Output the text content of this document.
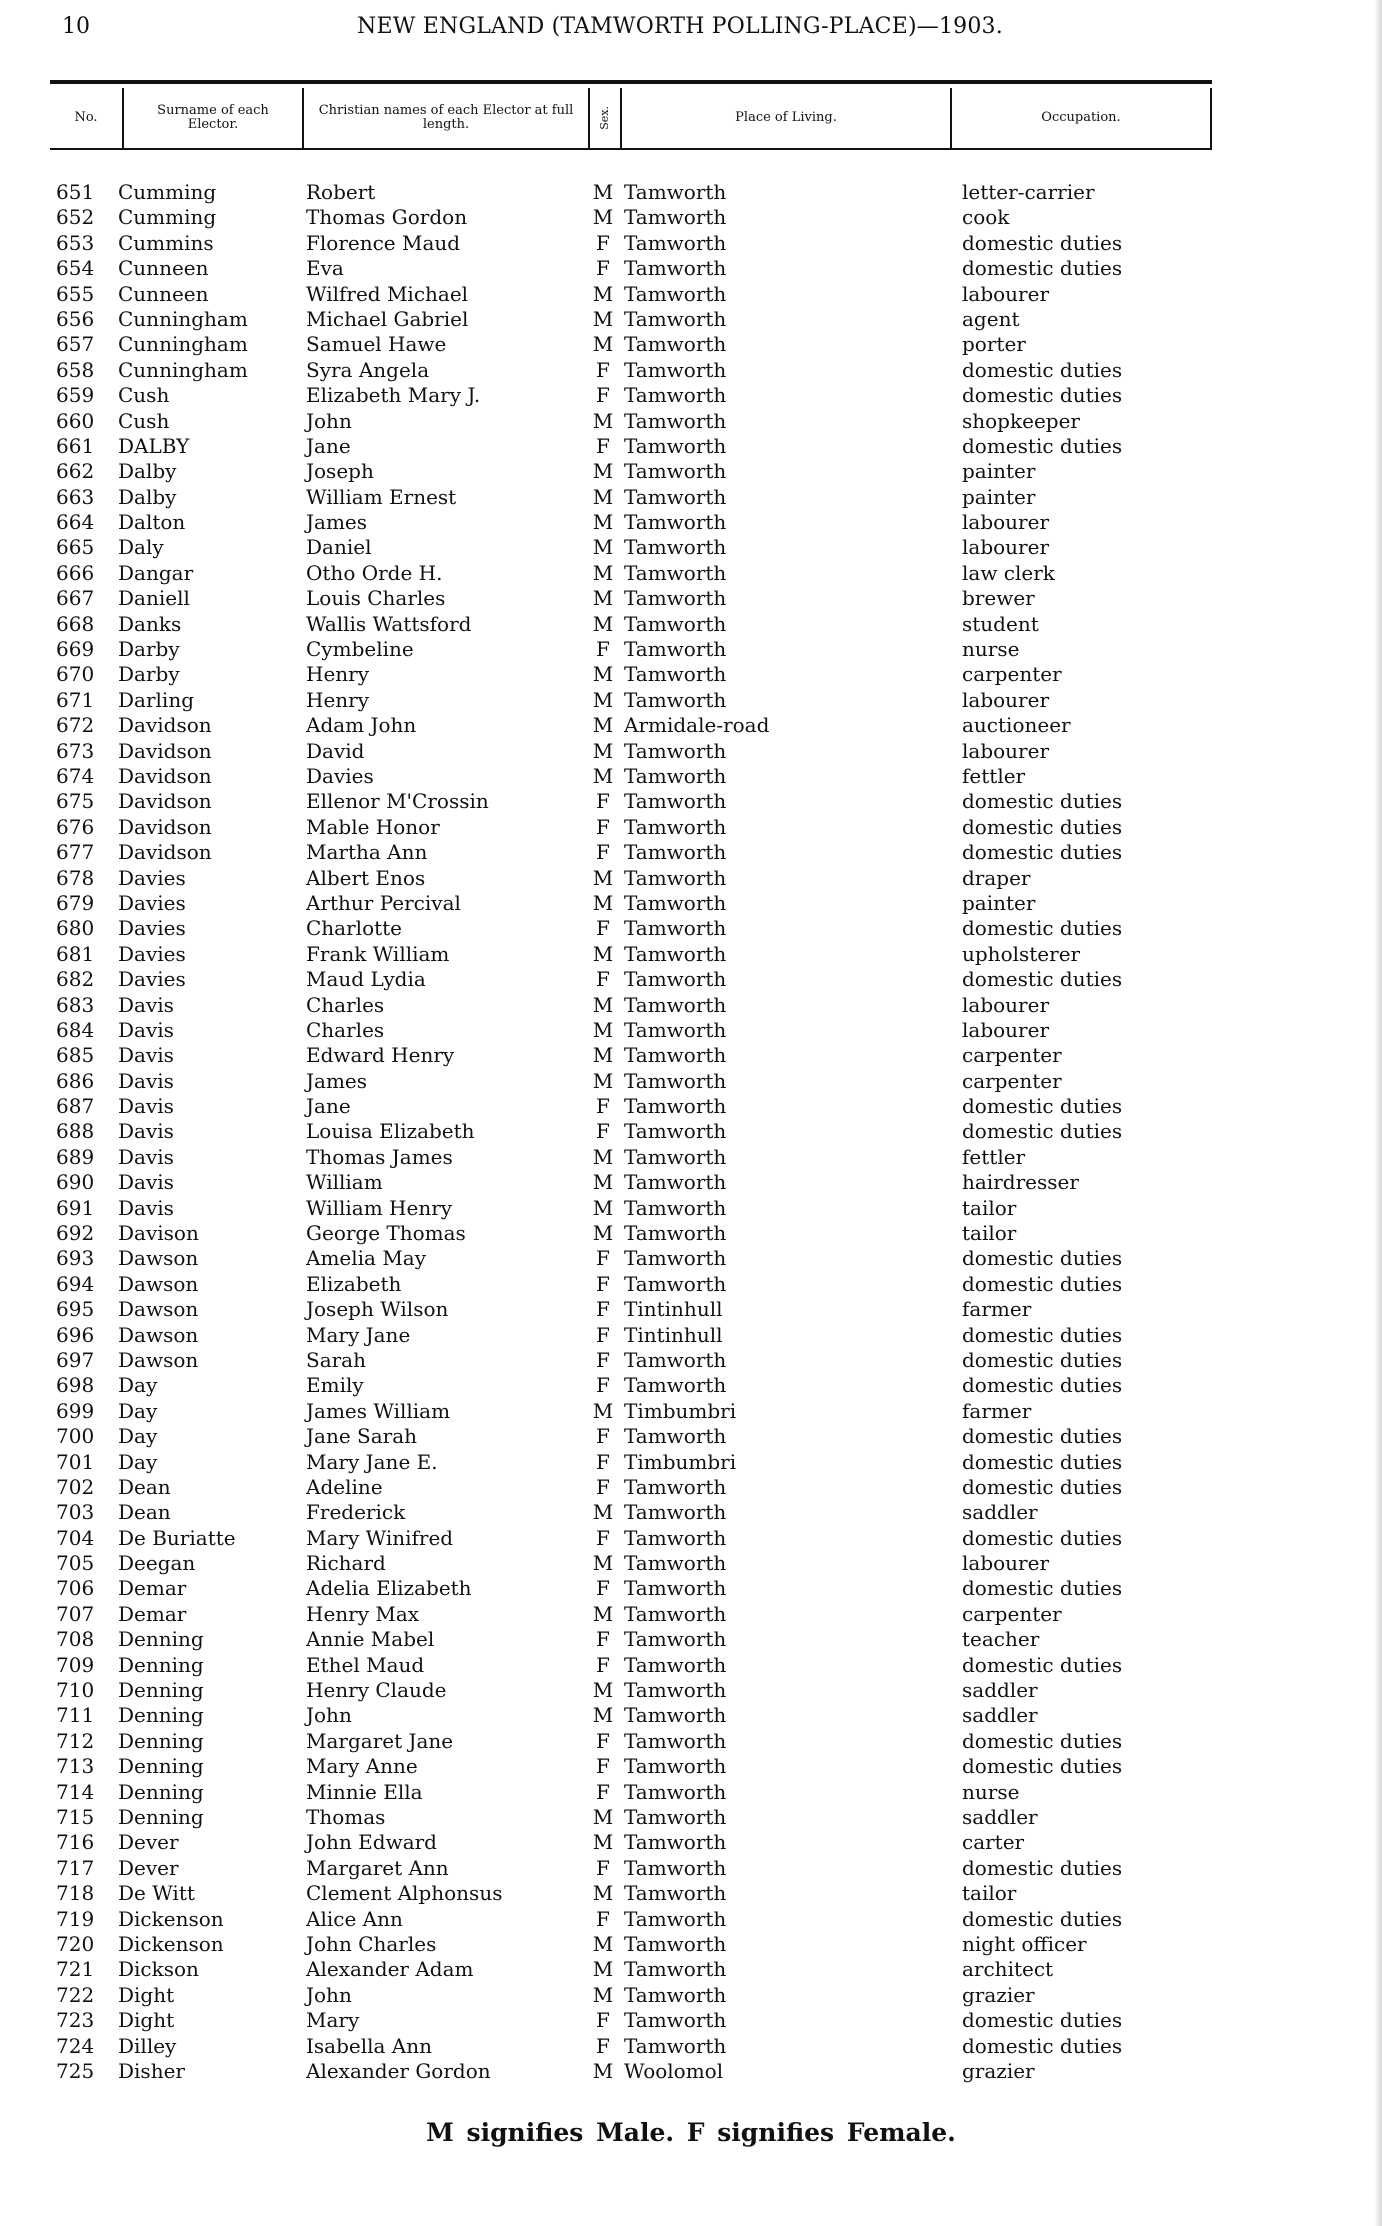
10	NEW ENGLAND (TAMWORTH POLLING-PLACE)—1903.
No.	Surname of each Elector.
Christian names of each Elector at full length.	Sex.	Place of Living.	Occupation.
651	Cumming	Robert	M Tamworth	letter-carrier
652	Cumming	Thomas Gordon	M Tamworth	cook
653	Cummins	Florence Maud	F Tamworth	domestic duties
654	Cunneen	Eva	F Tamworth	domestic duties
655	Cunneen	Wilfred Michael	M Tamworth	labourer
656	Cunningham	Michael Gabriel	M Tamworth	agent
657	Cunningham	Samuel Hawe	M Tamworth	porter
658	Cunningham	Syra Angela	F Tamworth	domestic duties
659	Cush	Elizabeth Mary J.	F Tamworth	domestic duties
660	Cush	John	M Tamworth	shopkeeper
661	DALBY	Jane	F Tamworth	domestic duties
662	Dalby	Joseph	M Tamworth	painter
663	Dalby	William Ernest	M Tamworth	painter
664	Dalton	James	M Tamworth	labourer
665	Daly	Daniel	M Tamworth	labourer
666	Dangar	Otho Orde H.	M Tamworth	law clerk
667	Daniell	Louis Charles	M Tamworth	brewer
668	Danks	Wallis Wattsford	M Tamworth	student
669	Darby	Cymbeline	F Tamworth	nurse
670	Darby	Henry	M Tamworth	carpenter
671	Darling	Henry	M Tamworth	labourer
672	Davidson	Adam John	M Armidale-road	auctioneer
673	Davidson	David	M Tamworth	labourer
674	Davidson	Davies	M Tamworth	fettler
675	Davidson	Ellenor M'Crossin	F Tamworth	domestic duties
676	Davidson	Mable Honor	F Tamworth	domestic duties
677	Davidson	Martha Ann	F Tamworth	domestic duties
678	Davies	Albert Enos	M Tamworth	draper
679	Davies	Arthur Percival	M Tamworth	painter
680	Davies	Charlotte	F Tamworth	domestic duties
681	Davies	Frank William	M Tamworth	upholsterer
682	Davies	Maud Lydia	F Tamworth	domestic duties
683	Davis	Charles	M Tamworth	labourer
684	Davis	Charles	M Tamworth	labourer
685	Davis	Edward Henry	M Tamworth	carpenter
686	Davis	James	M Tamworth	carpenter
687	Davis	Jane	F Tamworth	domestic duties
688	Davis	Louisa Elizabeth	F Tamworth	domestic duties
689	Davis	Thomas James	M Tamworth	fettler
690	Davis	William	M Tamworth	hairdresser
691	Davis	William Henry	M Tamworth	tailor
692	Davison	George Thomas	M Tamworth	tailor
693	Dawson	Amelia May	F Tamworth	domestic duties
694	Dawson	Elizabeth	F Tamworth	domestic duties
695	Dawson	Joseph Wilson	F Tintinhull	farmer
696	Dawson	Mary Jane	F Tintinhull	domestic duties
697	Dawson	Sarah	F Tamworth	domestic duties
698	Day	Emily	F Tamworth	domestic duties
699	Day	James William	M Timbumbri	farmer
700	Day	Jane Sarah	F Tamworth	domestic duties
701	Day	Mary Jane E.	F Timbumbri	domestic duties
702	Dean	Adeline	F Tamworth	domestic duties
703	Dean	Frederick	M Tamworth	saddler
704	De Buriatte	Mary Winifred	F Tamworth	domestic duties
705	Deegan	Richard	M Tamworth	labourer
706	Demar	Adelia Elizabeth	F Tamworth	domestic duties
707	Demar	Henry Max	M Tamworth	carpenter
708	Denning	Annie Mabel	F Tamworth	teacher
709	Denning	Ethel Maud	F Tamworth	domestic duties
710	Denning	Henry Claude	M Tamworth	saddler
711	Denning	John	M Tamworth	saddler
712	Denning	Margaret Jane	F Tamworth	domestic duties
713	Denning	Mary Anne	F Tamworth	domestic duties
714	Denning	Minnie Ella	F Tamworth	nurse
715	Denning	Thomas	M Tamworth	saddler
716	Dever	John Edward	M Tamworth	carter
717	Dever	Margaret Ann	F Tamworth	domestic duties
718	De Witt	Clement Alphonsus	M Tamworth	tailor
719	Dickenson	Alice Ann	F Tamworth	domestic duties
720	Dickenson	John Charles	M Tamworth	night officer
721	Dickson	Alexander Adam	M Tamworth	architect
722	Dight	John	M Tamworth	grazier
723	Dight	Mary	F Tamworth	domestic duties
724	Dilley	Isabella Ann	F Tamworth	domestic duties
725	Disher	Alexander Gordon	M Woolomol	grazier
M signifies Male. F signifies Female.
